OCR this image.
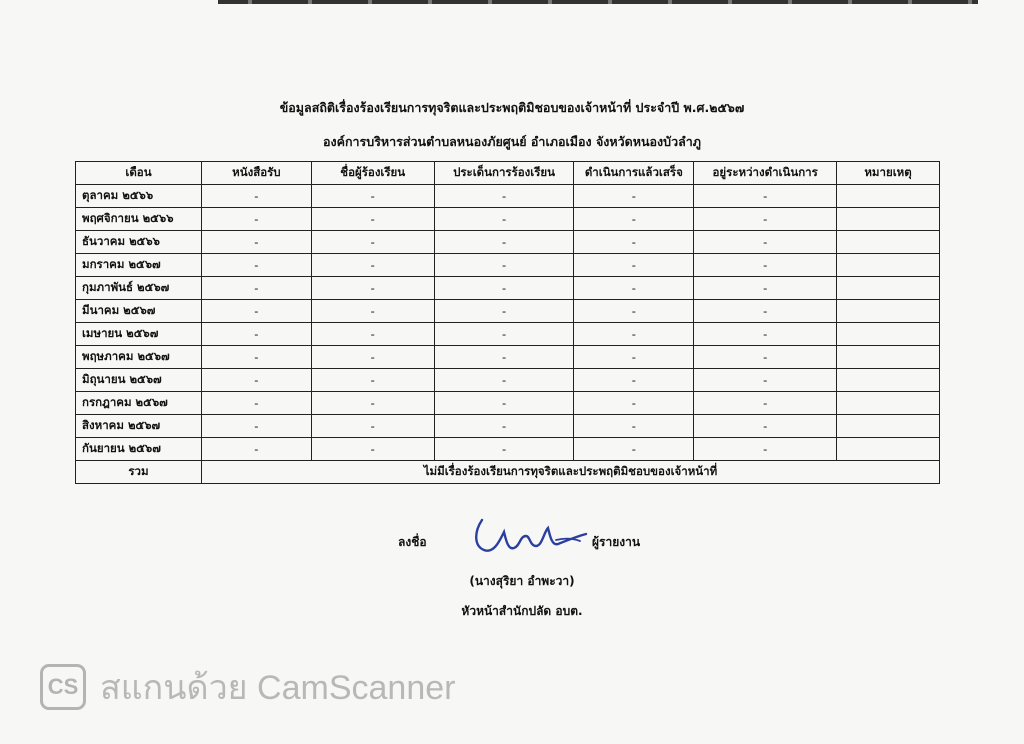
ข้อมูลสถิติเรื่องร้องเรียนการทุจริตและประพฤติมิชอบของเจ้าหน้าที่ ประจำปี พ.ศ.๒๕๖๗
องค์การบริหารส่วนตำบลหนองภัยศูนย์ อำเภอเมือง จังหวัดหนองบัวลำภู
เดือน	หนังสือรับ	ชื่อผู้ร้องเรียน	ประเด็นการร้องเรียน	ดำเนินการแล้วเสร็จ	อยู่ระหว่างดำเนินการ	หมายเหตุ
ตุลาคม ๒๕๖๖	-	-	-	-	-	
พฤศจิกายน ๒๕๖๖	-	-	-	-	-	
ธันวาคม ๒๕๖๖	-	-	-	-	-	
มกราคม ๒๕๖๗	-	-	-	-	-	
กุมภาพันธ์ ๒๕๖๗	-	-	-	-	-	
มีนาคม ๒๕๖๗	-	-	-	-	-	
เมษายน ๒๕๖๗	-	-	-	-	-	
พฤษภาคม ๒๕๖๗	-	-	-	-	-	
มิถุนายน ๒๕๖๗	-	-	-	-	-	
กรกฎาคม ๒๕๖๗	-	-	-	-	-	
สิงหาคม ๒๕๖๗	-	-	-	-	-	
กันยายน ๒๕๖๗	-	-	-	-	-	
รวม	ไม่มีเรื่องร้องเรียนการทุจริตและประพฤติมิชอบของเจ้าหน้าที่					
ลงชื่อ	ผู้รายงาน
(นางสุริยา อำพะวา)
หัวหน้าสำนักปลัด อบต.
CS สแกนด้วย CamScanner
